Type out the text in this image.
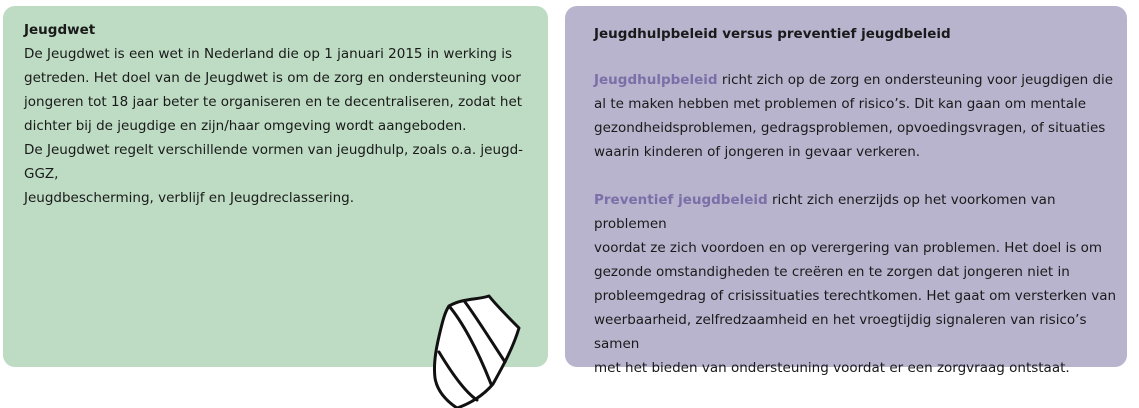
Jeugdwet

De Jeugdwet is een wet in Nederland die op 1 januari 2015 in werking is
getreden. Het doel van de Jeugdwet is om de zorg en ondersteuning voor
jongeren tot 18 jaar beter te organiseren en te decentraliseren, zodat het
dichter bij de jeugdige en zijn/haar omgeving wordt aangeboden.
De Jeugdwet regelt verschillende vormen van jeugdhulp, zoals o.a. jeugd-GGZ,
Jeugdbescherming, verblijf en Jeugdreclassering.

Jeugdhulpbeleid versus preventief jeugdbeleid

Jeugdhulpbeleid richt zich op de zorg en ondersteuning voor jeugdigen die
al te maken hebben met problemen of risico’s. Dit kan gaan om mentale
gezondheidsproblemen, gedragsproblemen, opvoedingsvragen, of situaties
waarin kinderen of jongeren in gevaar verkeren.

Preventief jeugdbeleid richt zich enerzijds op het voorkomen van problemen
voordat ze zich voordoen en op verergering van problemen. Het doel is om
gezonde omstandigheden te creëren en te zorgen dat jongeren niet in
probleemgedrag of crisissituaties terechtkomen. Het gaat om versterken van
weerbaarheid, zelfredzaamheid en het vroegtijdig signaleren van risico’s samen
met het bieden van ondersteuning voordat er een zorgvraag ontstaat.
